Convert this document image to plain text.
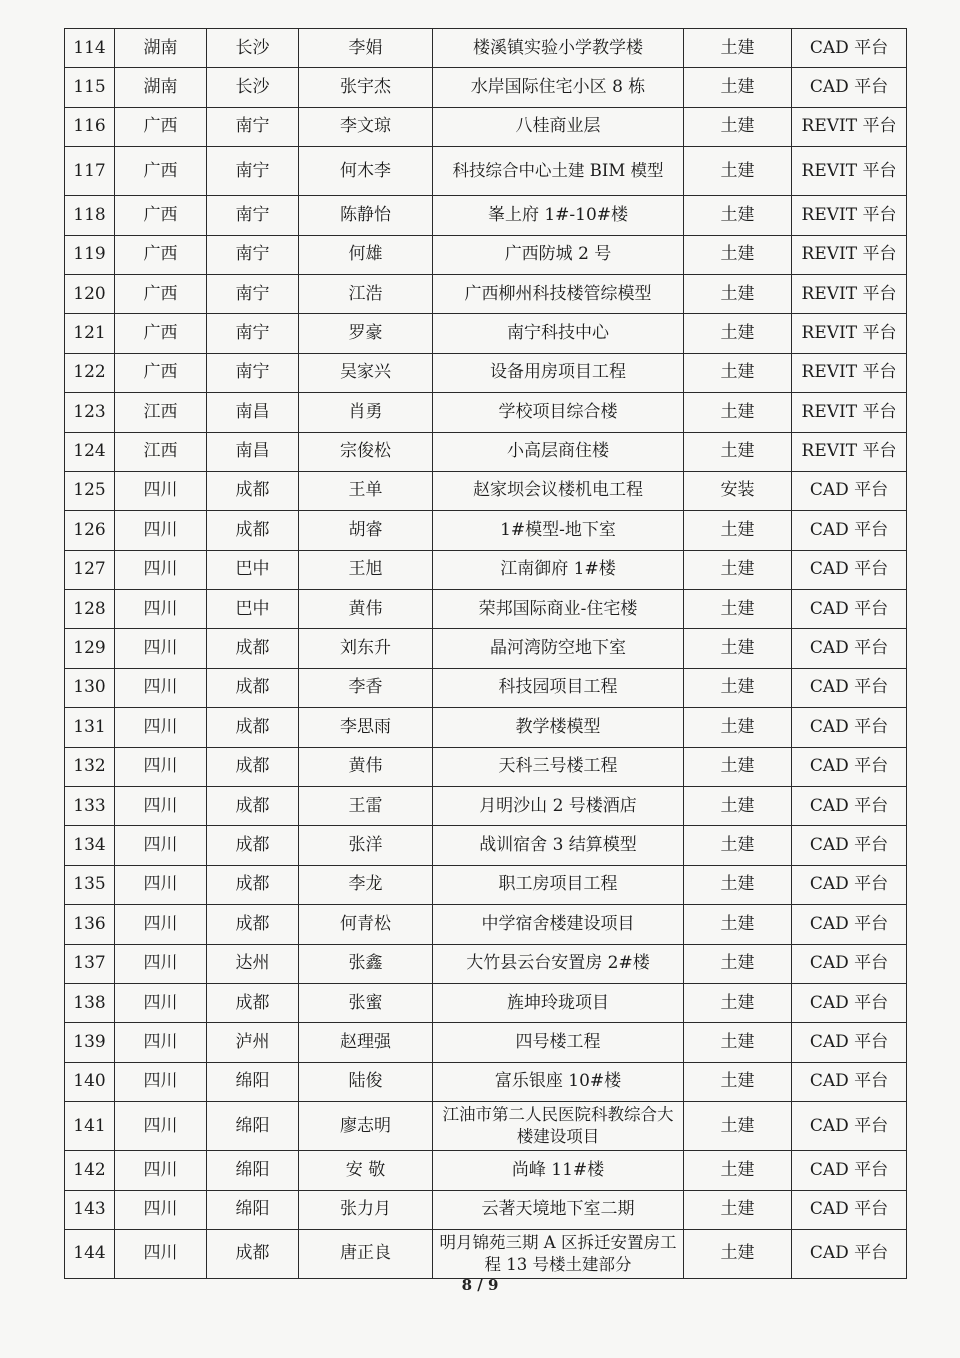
114	湖南	长沙	李娟	楼溪镇实验小学教学楼	土建	CAD 平台
115	湖南	长沙	张宇杰	水岸国际住宅小区 8 栋	土建	CAD 平台
116	广西	南宁	李文琼	八桂商业层	土建	REVIT 平台
117	广西	南宁	何木李	科技综合中心土建 BIM 模型	土建	REVIT 平台
118	广西	南宁	陈静怡	峯上府 1#-10#楼	土建	REVIT 平台
119	广西	南宁	何雄	广西防城 2 号	土建	REVIT 平台
120	广西	南宁	江浩	广西柳州科技楼管综模型	土建	REVIT 平台
121	广西	南宁	罗豪	南宁科技中心	土建	REVIT 平台
122	广西	南宁	吴家兴	设备用房项目工程	土建	REVIT 平台
123	江西	南昌	肖勇	学校项目综合楼	土建	REVIT 平台
124	江西	南昌	宗俊松	小高层商住楼	土建	REVIT 平台
125	四川	成都	王单	赵家坝会议楼机电工程	安装	CAD 平台
126	四川	成都	胡睿	1#模型-地下室	土建	CAD 平台
127	四川	巴中	王旭	江南御府 1#楼	土建	CAD 平台
128	四川	巴中	黄伟	荣邦国际商业-住宅楼	土建	CAD 平台
129	四川	成都	刘东升	晶河湾防空地下室	土建	CAD 平台
130	四川	成都	李香	科技园项目工程	土建	CAD 平台
131	四川	成都	李思雨	教学楼模型	土建	CAD 平台
132	四川	成都	黄伟	天科三号楼工程	土建	CAD 平台
133	四川	成都	王雷	月明沙山 2 号楼酒店	土建	CAD 平台
134	四川	成都	张洋	战训宿舍 3 结算模型	土建	CAD 平台
135	四川	成都	李龙	职工房项目工程	土建	CAD 平台
136	四川	成都	何青松	中学宿舍楼建设项目	土建	CAD 平台
137	四川	达州	张鑫	大竹县云台安置房 2#楼	土建	CAD 平台
138	四川	成都	张蜜	旌坤玲珑项目	土建	CAD 平台
139	四川	泸州	赵理强	四号楼工程	土建	CAD 平台
140	四川	绵阳	陆俊	富乐银座 10#楼	土建	CAD 平台
141	四川	绵阳	廖志明	江油市第二人民医院科教综合大楼建设项目	土建	CAD 平台
142	四川	绵阳	安 敬	尚峰 11#楼	土建	CAD 平台
143	四川	绵阳	张力月	云著天境地下室二期	土建	CAD 平台
144	四川	成都	唐正良	明月锦苑三期 A 区拆迁安置房工程 13 号楼土建部分	土建	CAD 平台
8 / 9
